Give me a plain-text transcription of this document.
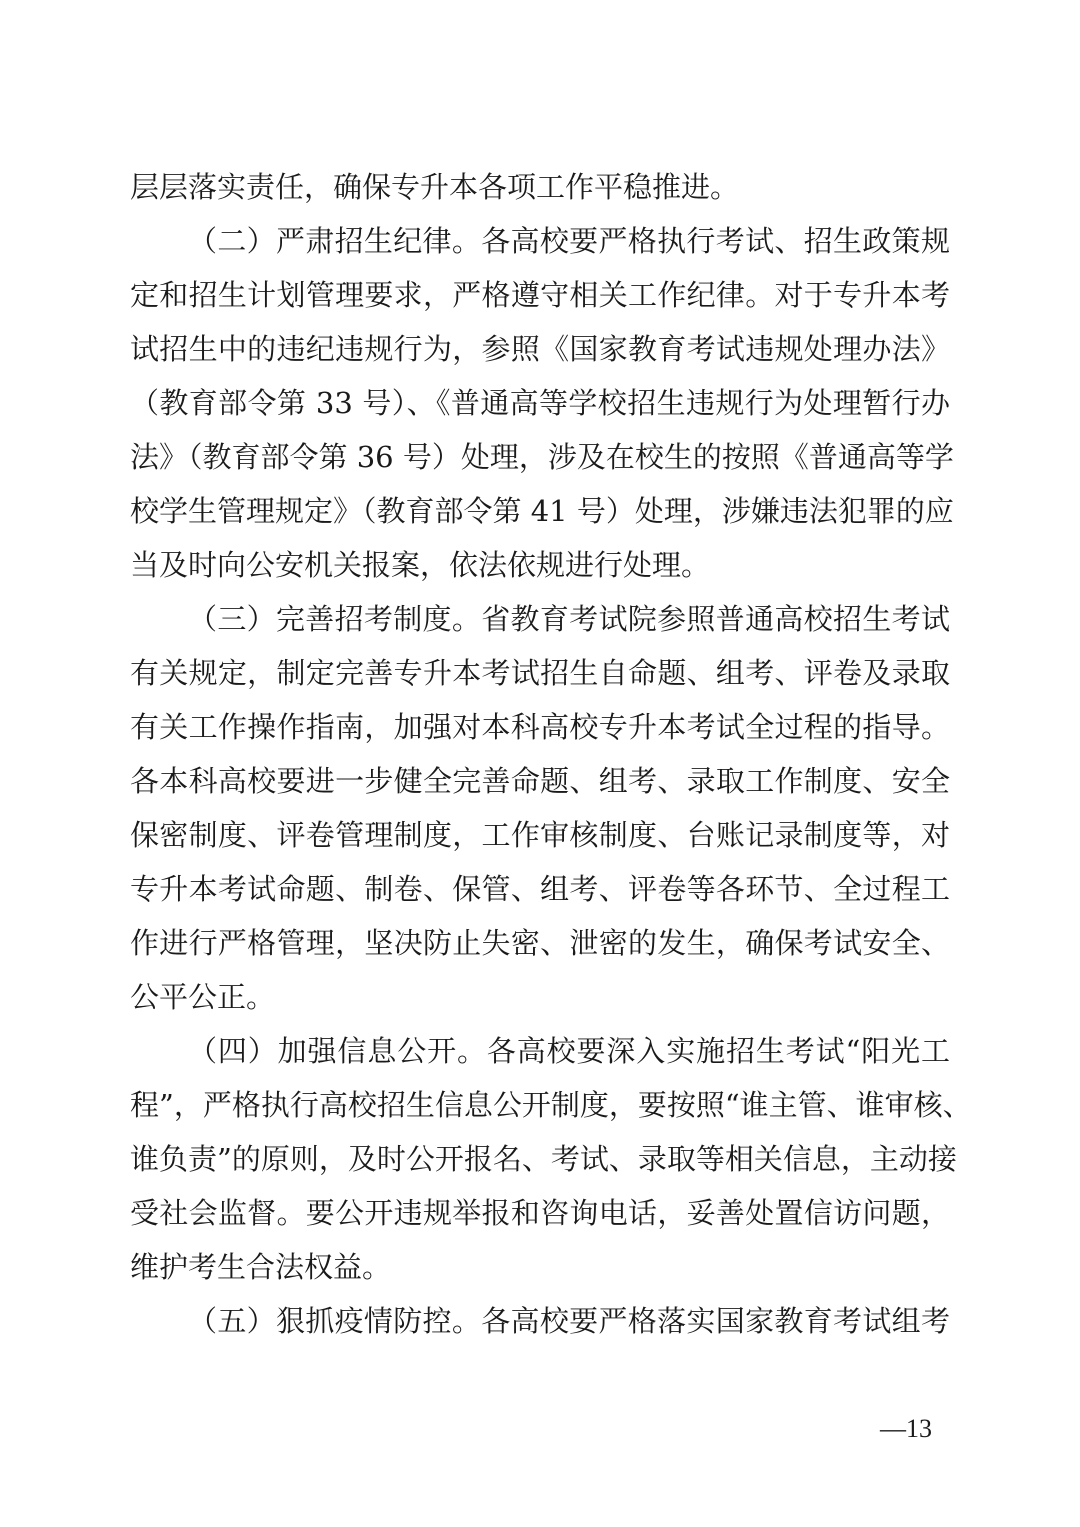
层层落实责任，确保专升本各项工作平稳推进。
（二）严肃招生纪律。各高校要严格执行考试、招生政策规
定和招生计划管理要求，严格遵守相关工作纪律。对于专升本考
试招生中的违纪违规行为，参照《国家教育考试违规处理办法》
（教育部令第 33 号）、《普通高等学校招生违规行为处理暂行办
法》（教育部令第 36 号）处理，涉及在校生的按照《普通高等学
校学生管理规定》（教育部令第 41 号）处理，涉嫌违法犯罪的应
当及时向公安机关报案，依法依规进行处理。
（三）完善招考制度。省教育考试院参照普通高校招生考试
有关规定，制定完善专升本考试招生自命题、组考、评卷及录取
有关工作操作指南，加强对本科高校专升本考试全过程的指导。
各本科高校要进一步健全完善命题、组考、录取工作制度、安全
保密制度、评卷管理制度，工作审核制度、台账记录制度等，对
专升本考试命题、制卷、保管、组考、评卷等各环节、全过程工
作进行严格管理，坚决防止失密、泄密的发生，确保考试安全、
公平公正。
（四）加强信息公开。各高校要深入实施招生考试“阳光工
程”，严格执行高校招生信息公开制度，要按照“谁主管、谁审核、
谁负责”的原则，及时公开报名、考试、录取等相关信息，主动接
受社会监督。要公开违规举报和咨询电话，妥善处置信访问题，
维护考生合法权益。
（五）狠抓疫情防控。各高校要严格落实国家教育考试组考
—13
